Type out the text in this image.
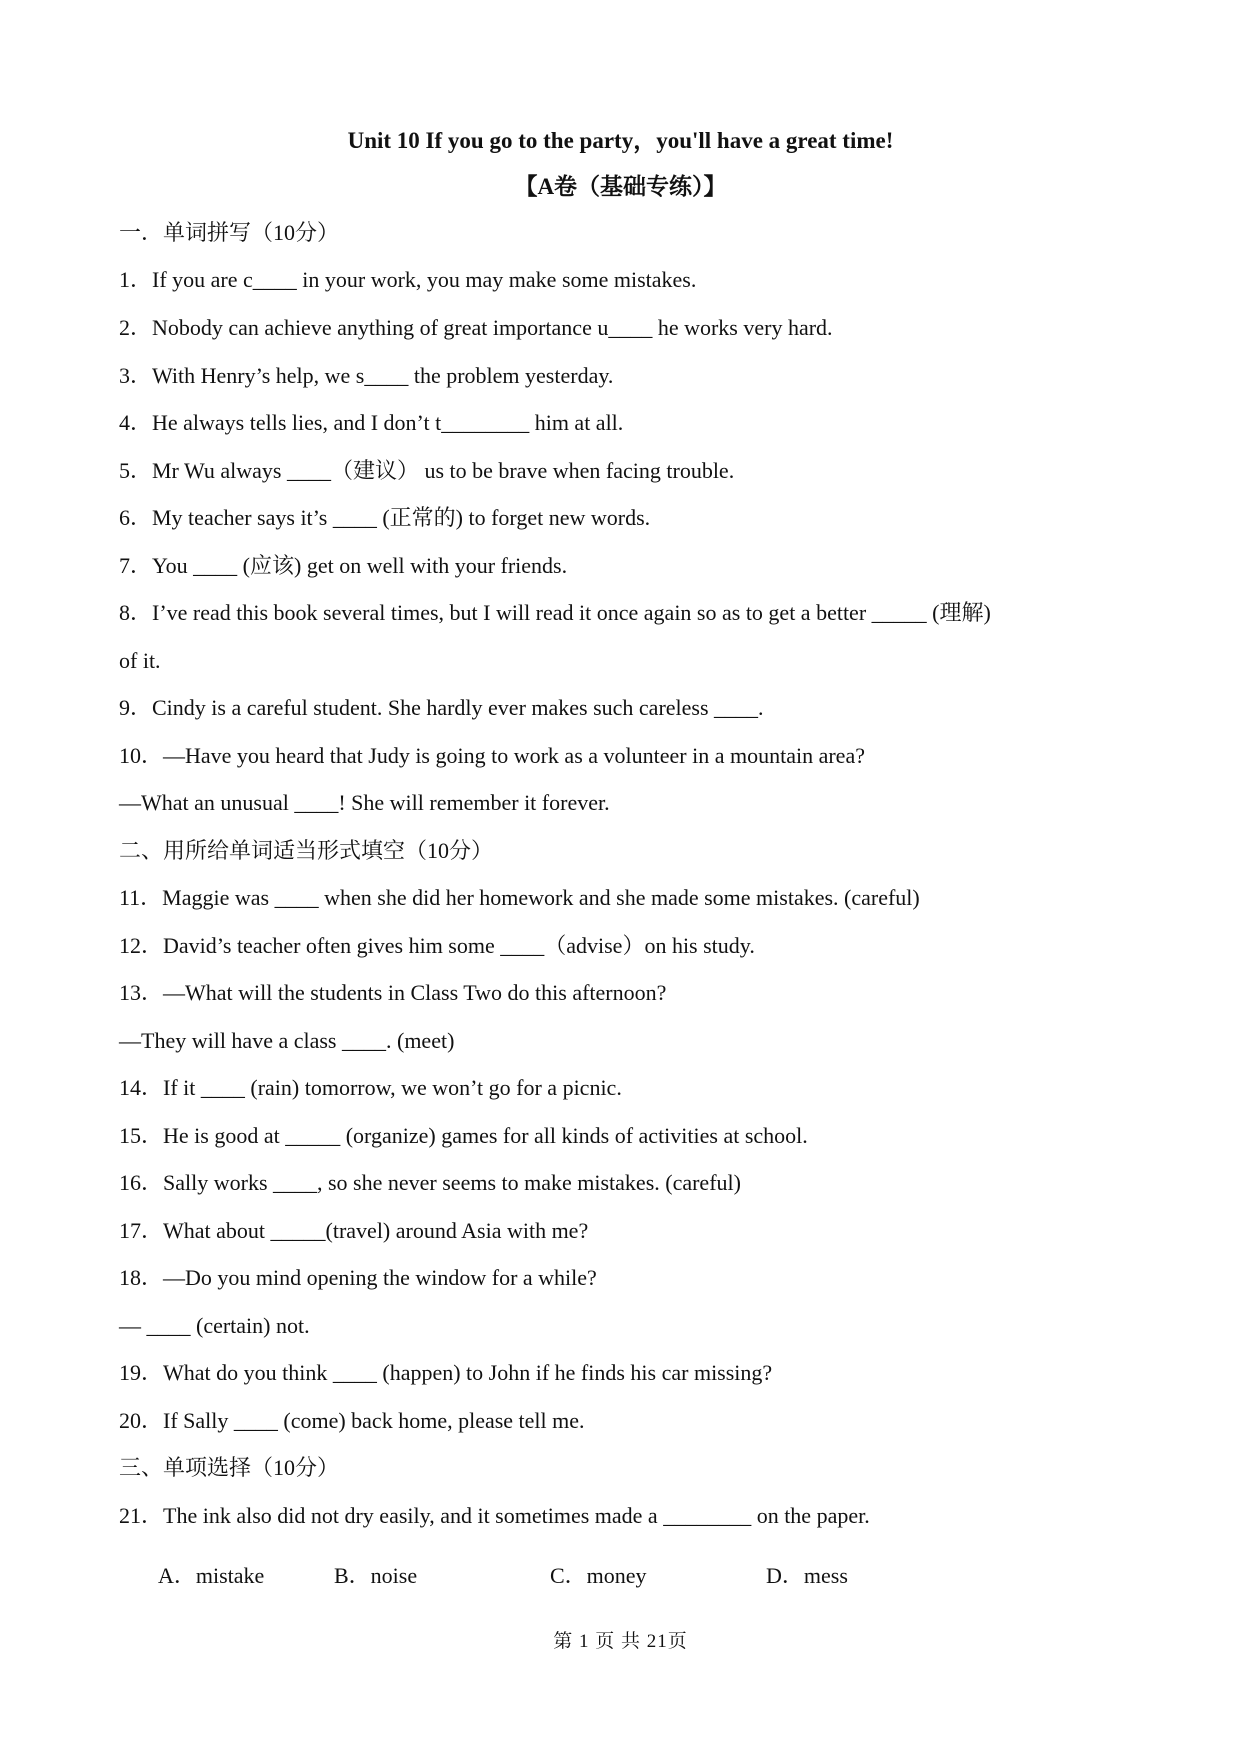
Unit 10 If you go to the party，you'll have a great time!
【A卷（基础专练）】
一．单词拼写（10分）
1．If you are c____ in your work, you may make some mistakes.
2．Nobody can achieve anything of great importance u____ he works very hard.
3．With Henry’s help, we s____ the problem yesterday.
4．He always tells lies, and I don’t t________ him at all.
5．Mr Wu always ____（建议） us to be brave when facing trouble.
6．My teacher says it’s ____ (正常的) to forget new words.
7．You ____ (应该) get on well with your friends.
8．I’ve read this book several times, but I will read it once again so as to get a better _____ (理解)
of it.
9．Cindy is a careful student. She hardly ever makes such careless ____.
10．—Have you heard that Judy is going to work as a volunteer in a mountain area?
—What an unusual ____! She will remember it forever.
二、用所给单词适当形式填空（10分）
11．Maggie was ____ when she did her homework and she made some mistakes. (careful)
12．David’s teacher often gives him some ____（advise）on his study.
13．—What will the students in Class Two do this afternoon?
—They will have a class ____. (meet)
14．If it ____ (rain) tomorrow, we won’t go for a picnic.
15．He is good at _____ (organize) games for all kinds of activities at school.
16．Sally works ____, so she never seems to make mistakes. (careful)
17．What about _____(travel) around Asia with me?
18．—Do you mind opening the window for a while?
— ____ (certain) not.
19．What do you think ____ (happen) to John if he finds his car missing?
20．If Sally ____ (come) back home, please tell me.
三、单项选择（10分）
21．The ink also did not dry easily, and it sometimes made a ________ on the paper.
A．mistake	B．noise	C．money	D．mess
第 1 页 共 21页
